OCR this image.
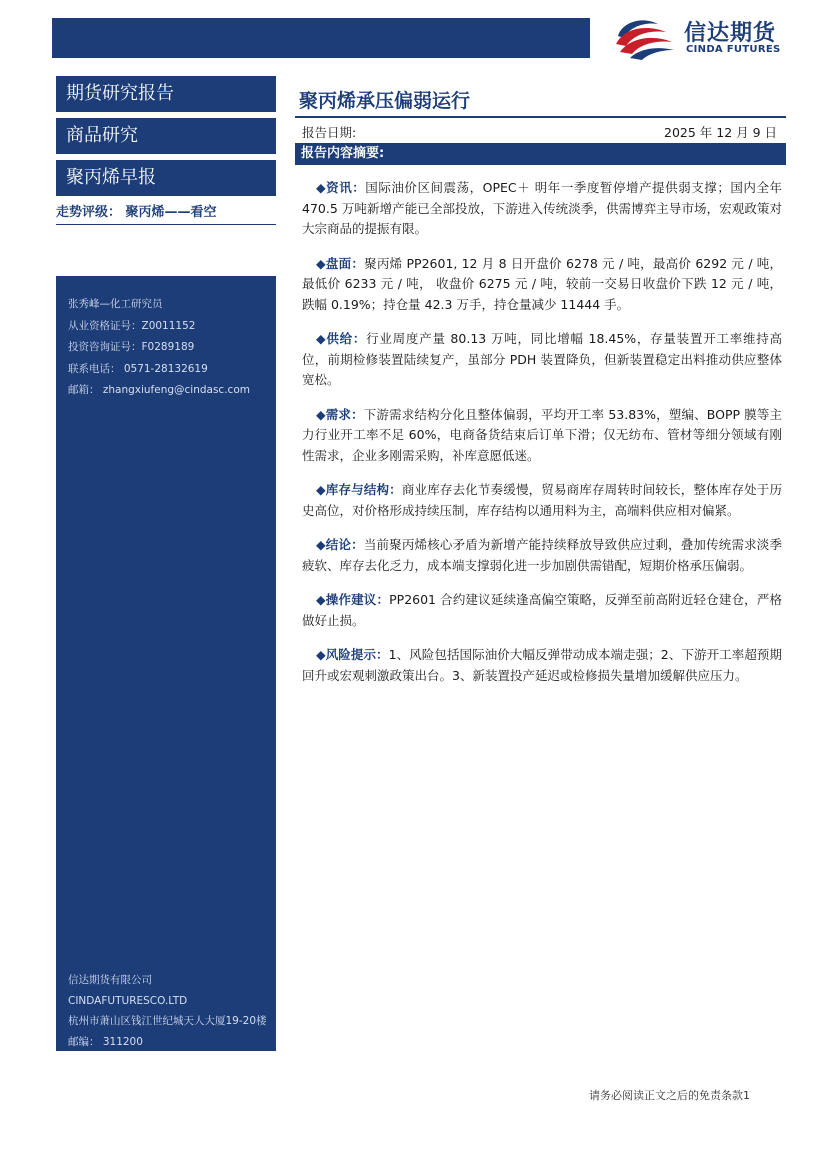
信达期货
CINDA FUTURES
期货研究报告
商品研究
聚丙烯早报
走势评级： 聚丙烯——看空
张秀峰—化工研究员
从业资格证号：Z0011152
投资咨询证号：F0289189
联系电话： 0571-28132619
邮箱： zhangxiufeng@cindasc.com
信达期货有限公司
CINDAFUTURESCO.LTD
杭州市萧山区钱江世纪城天人大厦19-20楼
邮编： 311200
聚丙烯承压偏弱运行
报告日期:	2025 年 12 月 9 日
报告内容摘要:

◆资讯：国际油价区间震荡，OPEC＋ 明年一季度暂停增产提供弱支撑；国内全年 470.5 万吨新增产能已全部投放，下游进入传统淡季，供需博弈主导市场，宏观政策对大宗商品的提振有限。

◆盘面：聚丙烯 PP2601, 12 月 8 日开盘价 6278 元 / 吨，最高价 6292 元 / 吨，最低价 6233 元 / 吨， 收盘价 6275 元 / 吨，较前一交易日收盘价下跌 12 元 / 吨，跌幅 0.19%；持仓量 42.3 万手，持仓量减少 11444 手。

◆供给：行业周度产量 80.13 万吨，同比增幅 18.45%，存量装置开工率维持高位，前期检修装置陆续复产，虽部分 PDH 装置降负，但新装置稳定出料推动供应整体宽松。

◆需求：下游需求结构分化且整体偏弱，平均开工率 53.83%，塑编、BOPP 膜等主力行业开工率不足 60%，电商备货结束后订单下滑；仅无纺布、管材等细分领域有刚性需求，企业多刚需采购，补库意愿低迷。

◆库存与结构：商业库存去化节奏缓慢，贸易商库存周转时间较长，整体库存处于历史高位，对价格形成持续压制，库存结构以通用料为主，高端料供应相对偏紧。

◆结论：当前聚丙烯核心矛盾为新增产能持续释放导致供应过剩，叠加传统需求淡季疲软、库存去化乏力，成本端支撑弱化进一步加剧供需错配，短期价格承压偏弱。

◆操作建议：PP2601 合约建议延续逢高偏空策略，反弹至前高附近轻仓建仓，严格做好止损。

◆风险提示：1、风险包括国际油价大幅反弹带动成本端走强；2、下游开工率超预期回升或宏观刺激政策出台。3、新装置投产延迟或检修损失量增加缓解供应压力。

请务必阅读正文之后的免责条款1
